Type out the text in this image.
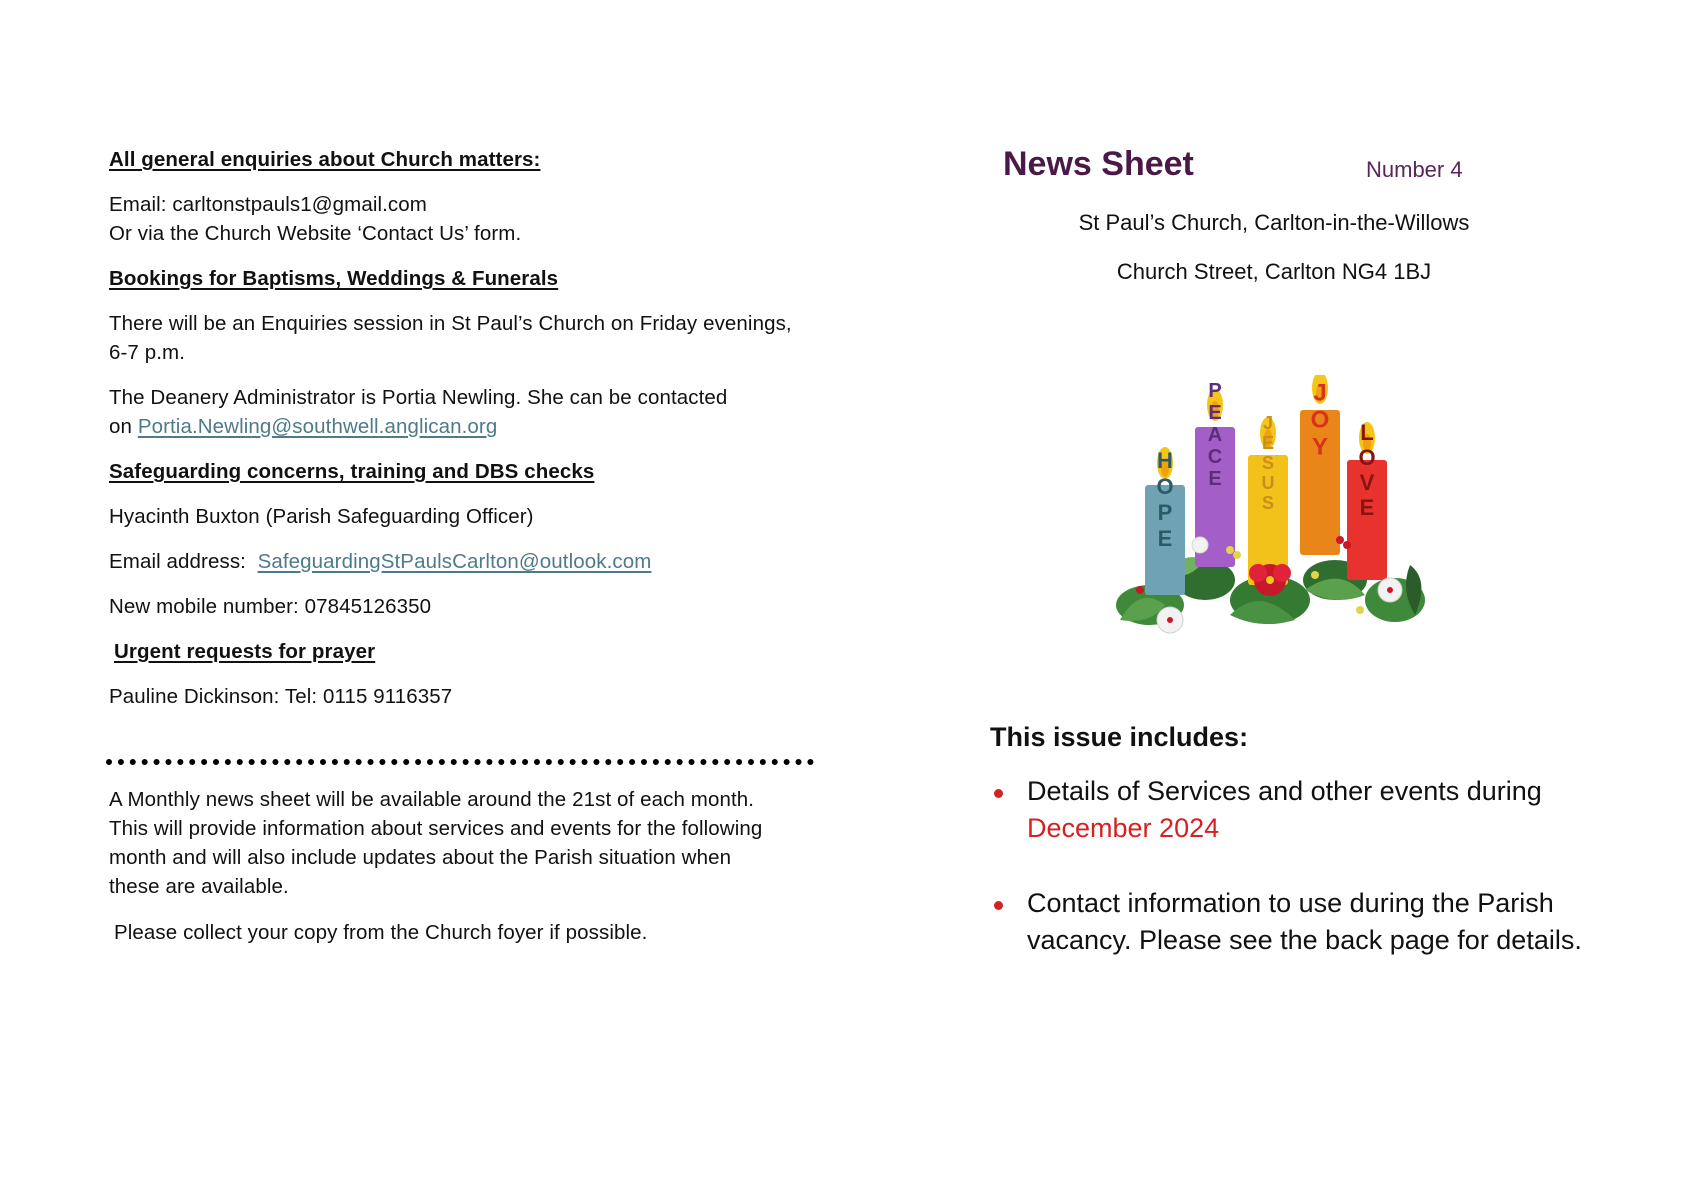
All general enquiries about Church matters:
Email: carltonstpauls1@gmail.com
Or via the Church Website ‘Contact Us’ form.
Bookings for Baptisms, Weddings & Funerals
There will be an Enquiries session in St Paul’s Church on Friday evenings,
6-7 p.m.
The Deanery Administrator is Portia Newling. She can be contacted
on Portia.Newling@southwell.anglican.org
Safeguarding concerns, training and DBS checks
Hyacinth Buxton (Parish Safeguarding Officer)
Email address: SafeguardingStPaulsCarlton@outlook.com
New mobile number: 07845126350
Urgent requests for prayer
Pauline Dickinson: Tel: 0115 9116357
A Monthly news sheet will be available around the 21st of each month.
This will provide information about services and events for the following
month and will also include updates about the Parish situation when
these are available.
Please collect your copy from the Church foyer if possible.
News Sheet	Number 4
St Paul’s Church, Carlton-in-the-Willows
Church Street, Carlton NG4 1BJ
HOPE
PEACE JESUS JOY LOVE
This issue includes:
Details of Services and other events during
December 2024
Contact information to use during the Parish
vacancy. Please see the back page for details.
